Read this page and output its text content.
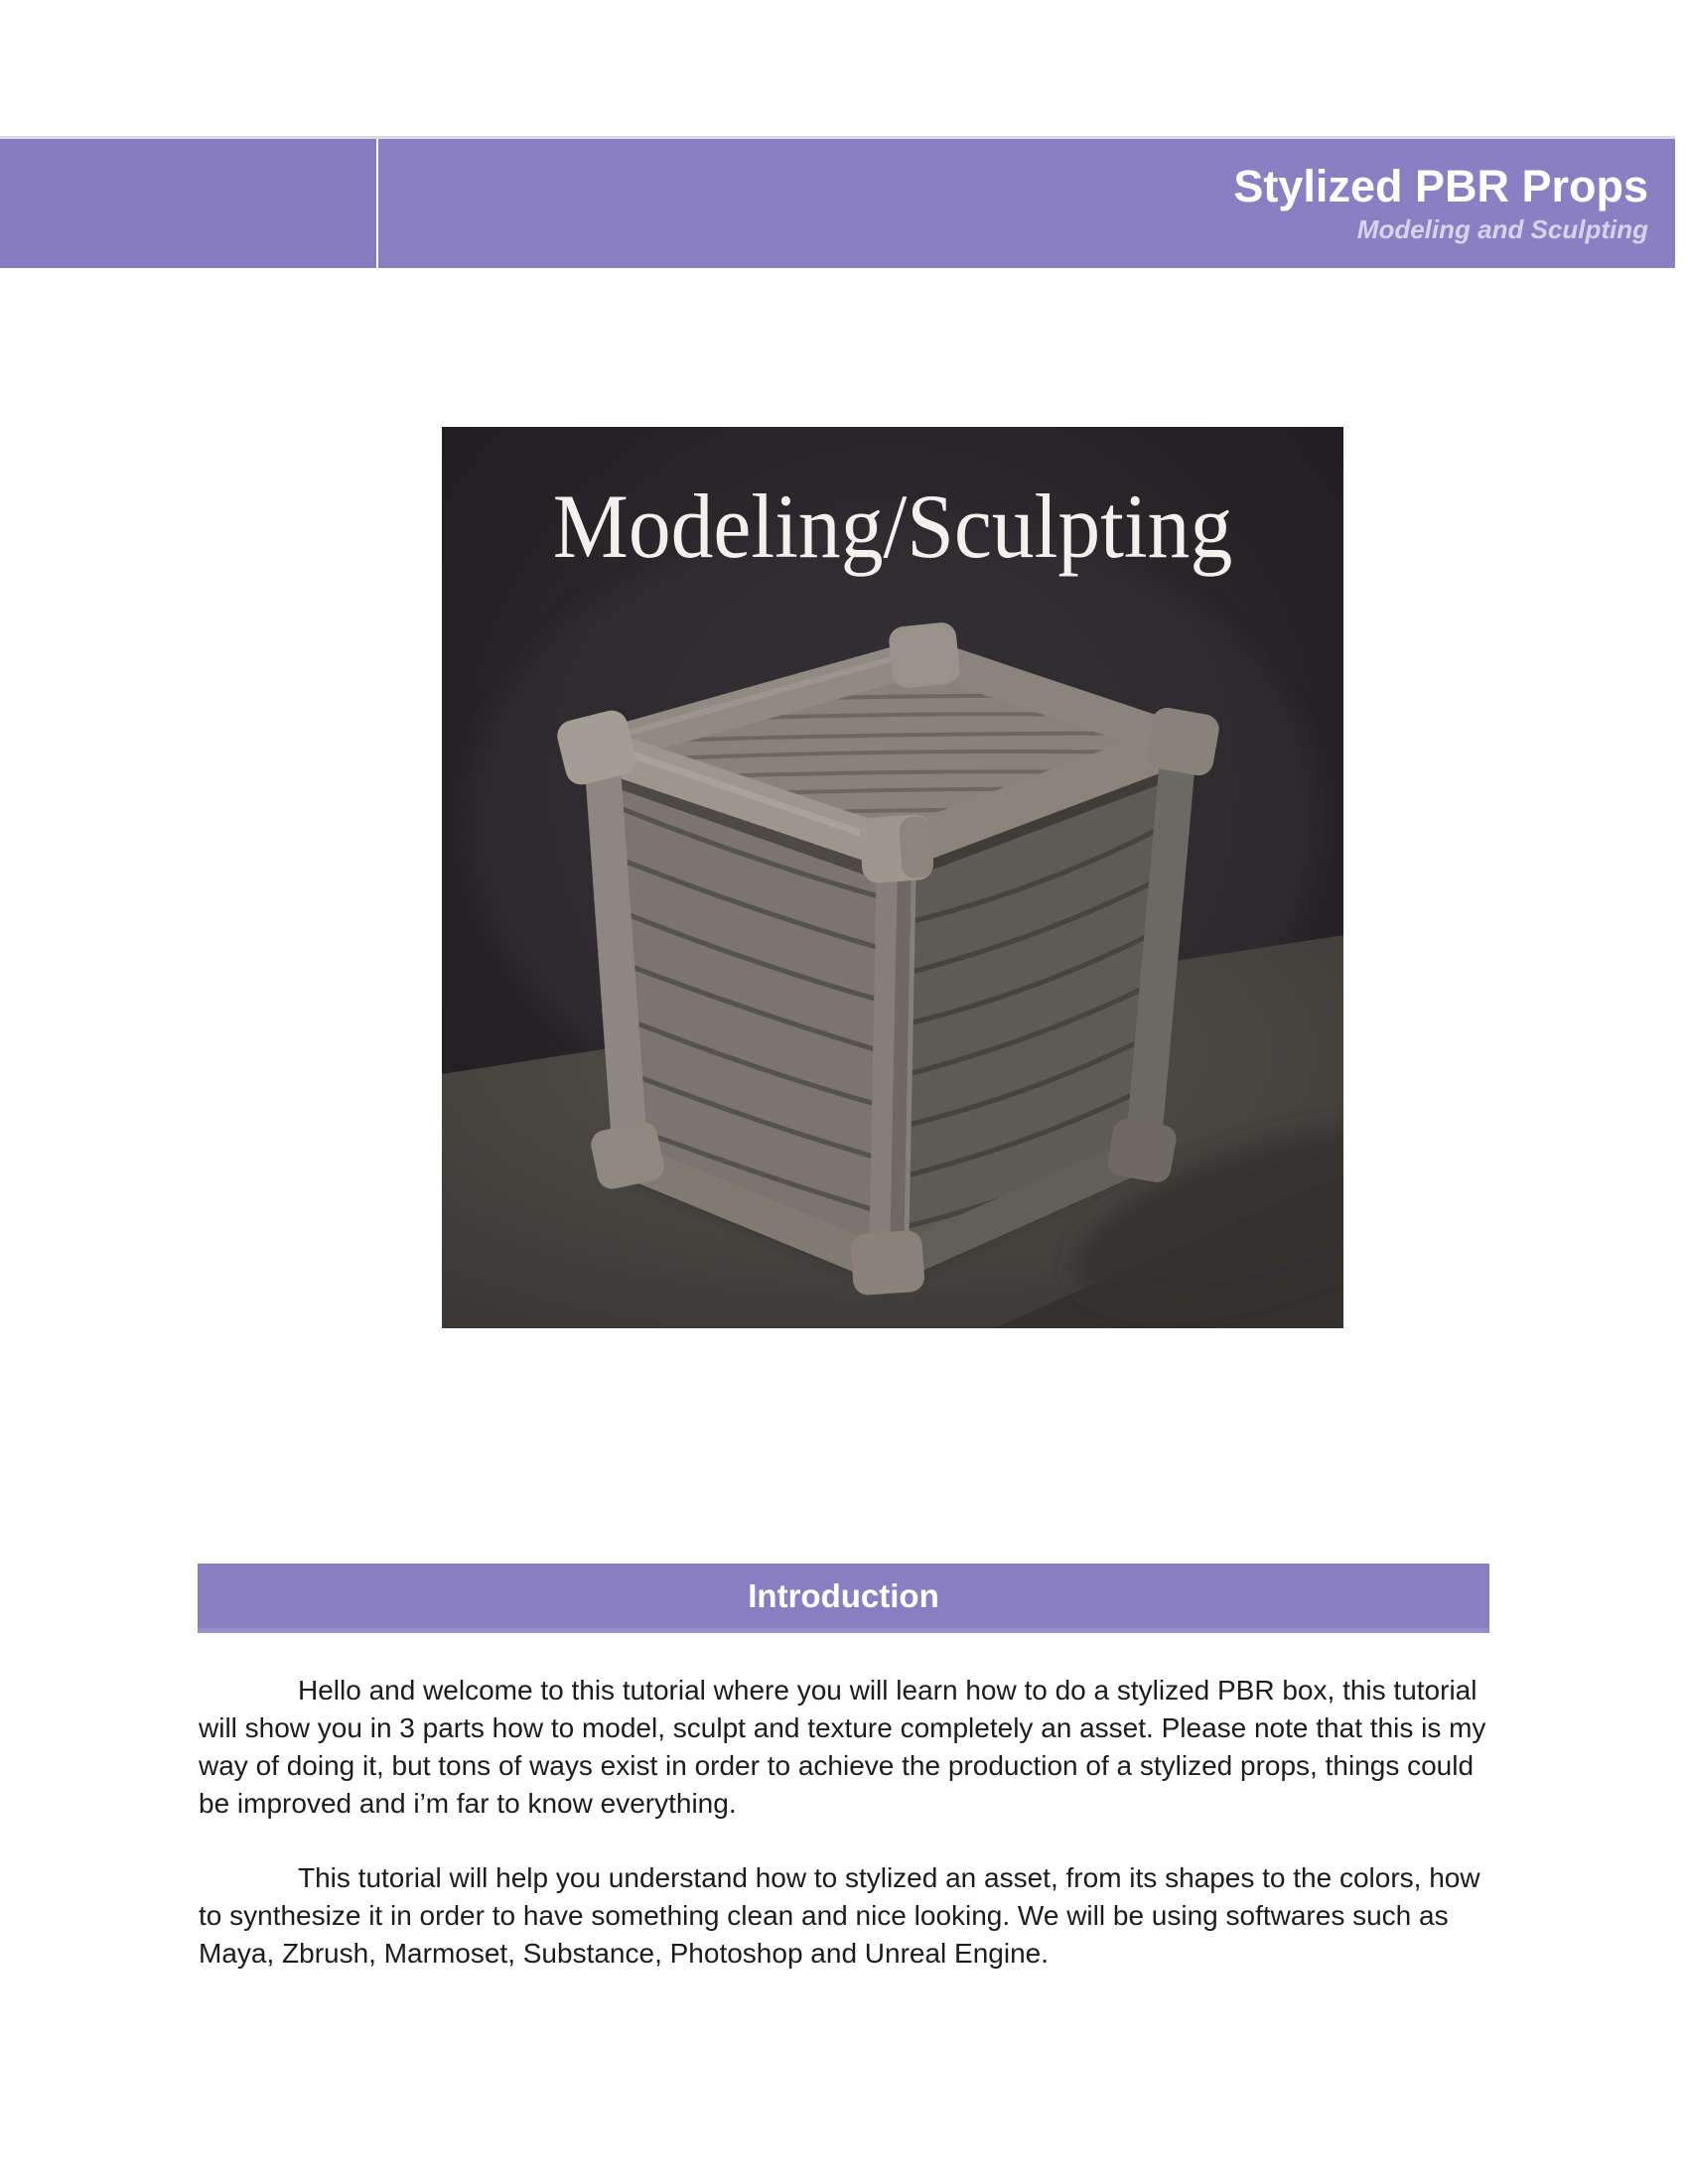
Stylized PBR Props
Modeling and Sculpting
Modeling/Sculpting
Introduction

Hello and welcome to this tutorial where you will learn how to do a stylized PBR box, this tutorial will show you in 3 parts how to model, sculpt and texture completely an asset. Please note that this is my way of doing it, but tons of ways exist in order to achieve the production of a stylized props, things could be improved and i’m far to know everything.

This tutorial will help you understand how to stylized an asset, from its shapes to the colors, how to synthesize it in order to have something clean and nice looking. We will be using softwares such as Maya, Zbrush, Marmoset, Substance, Photoshop and Unreal Engine.
